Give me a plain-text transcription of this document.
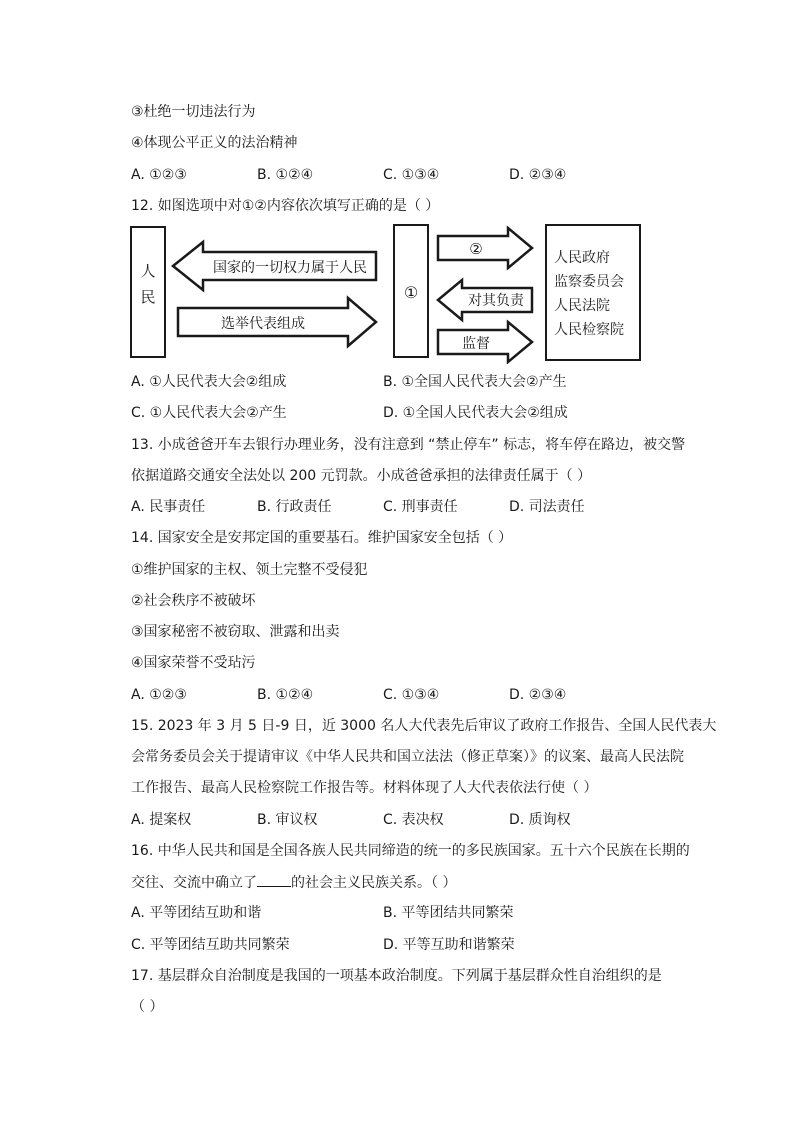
③杜绝一切违法行为
④体现公平正义的法治精神
A. ①②③	B. ①②④	C. ①③④	D. ②③④
12. 如图选项中对①②内容依次填写正确的是（ ）
人
民
国家的一切权力属于人民
选举代表组成
①
②
对其负责
监督
人民政府
监察委员会
人民法院
人民检察院
A. ①人民代表大会②组成	B. ①全国人民代表大会②产生
C. ①人民代表大会②产生	D. ①全国人民代表大会②组成
13. 小成爸爸开车去银行办理业务，没有注意到 “禁止停车” 标志，将车停在路边，被交警
依据道路交通安全法处以 200 元罚款。小成爸爸承担的法律责任属于（ ）
A. 民事责任	B. 行政责任	C. 刑事责任	D. 司法责任
14. 国家安全是安邦定国的重要基石。维护国家安全包括（ ）
①维护国家的主权、领土完整不受侵犯
②社会秩序不被破坏
③国家秘密不被窃取、泄露和出卖
④国家荣誉不受玷污
A. ①②③	B. ①②④	C. ①③④	D. ②③④
15. 2023 年 3 月 5 日-9 日，近 3000 名人大代表先后审议了政府工作报告、全国人民代表大
会常务委员会关于提请审议《中华人民共和国立法法（修正草案）》的议案、最高人民法院
工作报告、最高人民检察院工作报告等。材料体现了人大代表依法行使（ ）
A. 提案权	B. 审议权	C. 表决权	D. 质询权
16. 中华人民共和国是全国各族人民共同缔造的统一的多民族国家。五十六个民族在长期的
交往、交流中确立了 的社会主义民族关系。（ ）
A. 平等团结互助和谐	B. 平等团结共同繁荣
C. 平等团结互助共同繁荣	D. 平等互助和谐繁荣
17. 基层群众自治制度是我国的一项基本政治制度。下列属于基层群众性自治组织的是
（ ）
